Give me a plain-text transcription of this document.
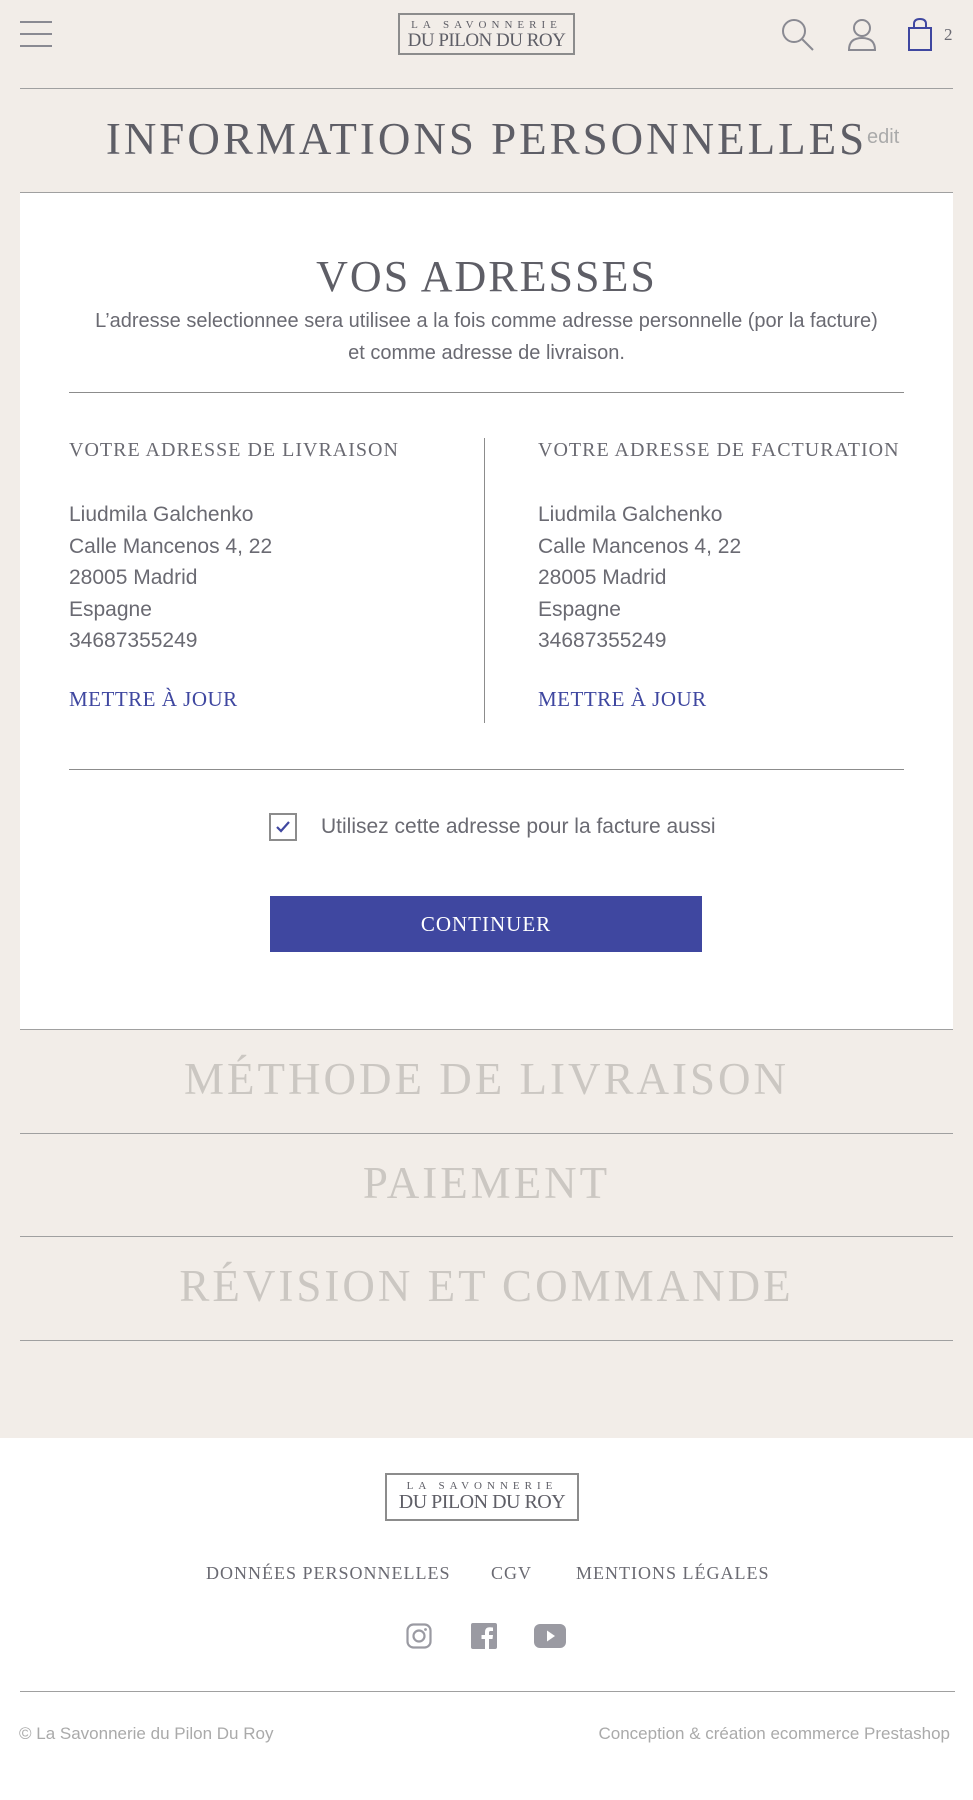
LA SAVONNERIE
DU PILON DU ROY	2
INFORMATIONS PERSONNELLES edit
VOS ADRESSES
L’adresse selectionnee sera utilisee a la fois comme adresse personnelle (por la facture)
et comme adresse de livraison.
VOTRE ADRESSE DE LIVRAISON
Liudmila Galchenko
Calle Mancenos 4, 22
28005 Madrid
Espagne
34687355249
METTRE À JOUR
VOTRE ADRESSE DE FACTURATION
Liudmila Galchenko
Calle Mancenos 4, 22
28005 Madrid
Espagne
34687355249
METTRE À JOUR
Utilisez cette adresse pour la facture aussi
CONTINUER
MÉTHODE DE LIVRAISON
PAIEMENT
RÉVISION ET COMMANDE
LA SAVONNERIE
DU PILON DU ROY
DONNÉES PERSONNELLES CGV MENTIONS LÉGALES
© La Savonnerie du Pilon Du Roy	Conception & création ecommerce Prestashop
